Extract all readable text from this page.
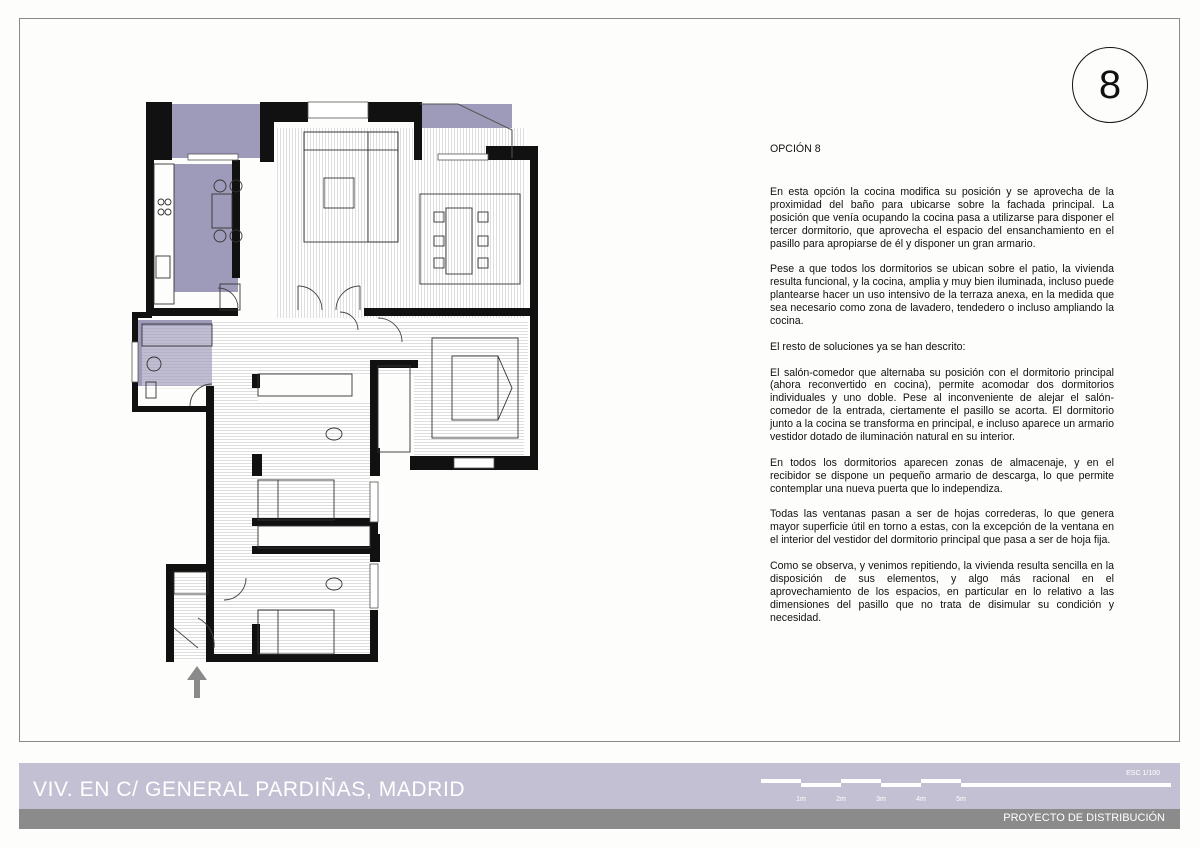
8
OPCIÓN 8

En esta opción la cocina modifica su posición y se aprovecha de la proximidad del baño para ubicarse sobre la fachada principal. La posición que venía ocupando la cocina pasa a utilizarse para disponer el tercer dormitorio, que aprovecha el espacio del ensanchamiento en el pasillo para apropiarse de él y disponer un gran armario.

Pese a que todos los dormitorios se ubican sobre el patio, la vivienda resulta funcional, y la cocina, amplia y muy bien iluminada, incluso puede plantearse hacer un uso intensivo de la terraza anexa, en la medida que sea necesario como zona de lavadero, tendedero o incluso ampliando la cocina.

El resto de soluciones ya se han descrito:

El salón-comedor que alternaba su posición con el dormitorio principal (ahora reconvertido en cocina), permite acomodar dos dormitorios individuales y uno doble. Pese al inconveniente de alejar el salón-comedor de la entrada, ciertamente el pasillo se acorta. El dormitorio junto a la cocina se transforma en principal, e incluso aparece un armario vestidor dotado de iluminación natural en su interior.

En todos los dormitorios aparecen zonas de almacenaje, y en el recibidor se dispone un pequeño armario de descarga, lo que permite contemplar una nueva puerta que lo independiza.

Todas las ventanas pasan a ser de hojas correderas, lo que genera mayor superficie útil en torno a estas, con la excepción de la ventana en el interior del vestidor del dormitorio principal que pasa a ser de hoja fija.

Como se observa, y venimos repitiendo, la vivienda resulta sencilla en la disposición de sus elementos, y algo más racional en el aprovechamiento de los espacios, en particular en lo relativo a las dimensiones del pasillo que no trata de disimular su condición y necesidad.

VIV. EN C/ GENERAL PARDIÑAS, MADRID
ESC 1/100
1m	2m	3m	4m	5m
PROYECTO DE DISTRIBUCIÓN
